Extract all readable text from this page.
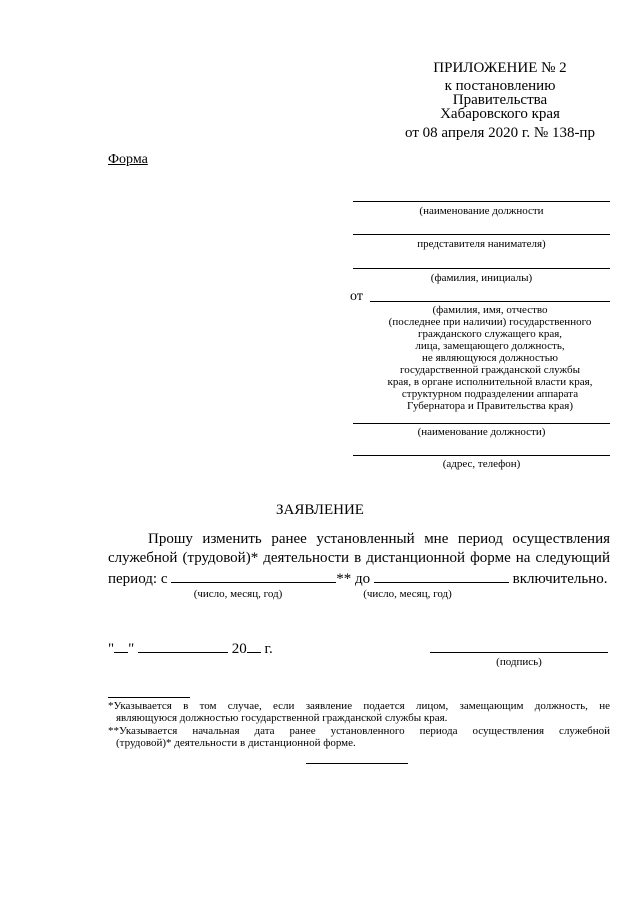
ПРИЛОЖЕНИЕ № 2
к постановлению
Правительства
Хабаровского края
от 08 апреля 2020 г. № 138-пр
Форма
(наименование должности
представителя нанимателя)
(фамилия, инициалы)
от
(фамилия, имя, отчество
(последнее при наличии) государственного
гражданского служащего края,
лица, замещающего должность,
не являющуюся должностью
государственной гражданской службы
края, в органе исполнительной власти края,
структурном подразделении аппарата
Губернатора и Правительства края)
(наименование должности)
(адрес, телефон)
ЗАЯВЛЕНИЕ
Прошу изменить ранее установленный мне период осуществления
служебной (трудовой)* деятельности в дистанционной форме на следующий
период: с	** до	включительно.
(число, месяц, год)	(число, месяц, год)
" "	20 г.
(подпись)
*Указывается в том случае, если заявление подается лицом, замещающим должность, не
являющуюся должностью государственной гражданской службы края.
**Указывается начальная дата ранее установленного периода осуществления служебной
(трудовой)* деятельности в дистанционной форме.
